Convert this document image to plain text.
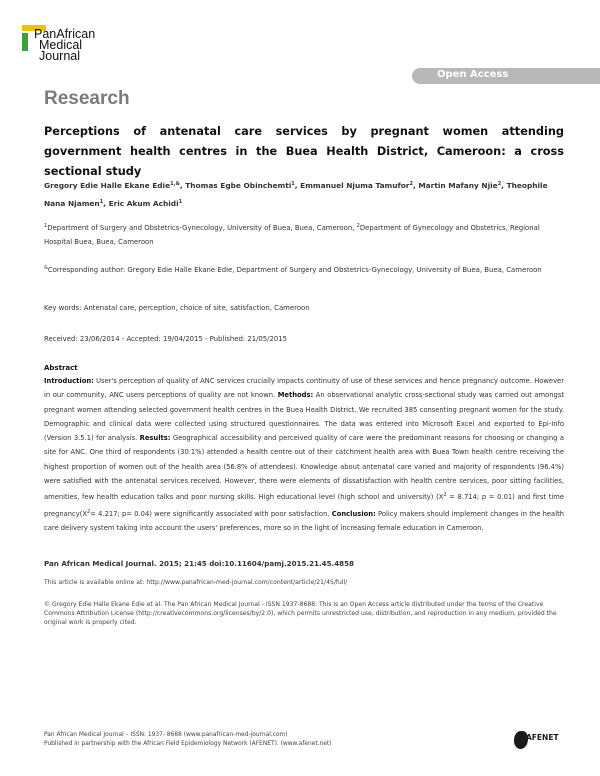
PanAfrican
Medical
Journal
Open Access
Research
Perceptions of antenatal care services by pregnant women attending government health centres in the Buea Health District, Cameroon: a cross sectional study
Gregory Edie Halle Ekane Edie$^{1,\&}$, Thomas Egbe Obinchemti$^1$, Emmanuel Njuma Tamufor$^2$, Martin Mafany Njie$^2$, Theophile Nana Njamen$^1$, Eric Akum Achidi$^1$
$^1$Department of Surgery and Obstetrics-Gynecology, University of Buea, Buea, Cameroon, $^2$Department of Gynecology and Obstetrics, Regional Hospital Buea, Buea, Cameroon
&Corresponding author: Gregory Edie Halle Ekane Edie, Department of Surgery and Obstetrics-Gynecology, University of Buea, Buea, Cameroon
Key words: Antenatal care, perception, choice of site, satisfaction, Cameroon
Received: 23/06/2014 - Accepted: 19/04/2015 - Published: 21/05/2015
Abstract
Introduction: User's perception of quality of ANC services crucially impacts continuity of use of these services and hence pregnancy outcome. However in our community, ANC users perceptions of quality are not known. Methods: An observational analytic cross-sectional study was carried out amongst pregnant women attending selected government health centres in the Buea Health District. We recruited 385 consenting pregnant women for the study. Demographic and clinical data were collected using structured questionnaires. The data was entered into Microsoft Excel and exported to Epi-Info (Version 3.5.1) for analysis. Results: Geographical accessibility and perceived quality of care were the predominant reasons for choosing or changing a site for ANC. One third of respondents (30.1%) attended a health centre out of their catchment health area with Buea Town health centre receiving the highest proportion of women out of the health area (56.8% of attendees). Knowledge about antenatal care varied and majority of respondents (96.4%) were satisfied with the antenatal services received. However, there were elements of dissatisfaction with health centre services, poor sitting facilities, amenities, few health education talks and poor nursing skills. High educational level (high school and university) ($X^2 = 8.714$; p = 0.01) and first time $pregnancy(X^2= 4.217$; p= 0.04) were significantly associated with poor satisfaction. Conclusion: Policy makers should implement changes in the health care delivery system taking into account the users' preferences, more so in the light of increasing female education in Cameroon.
Pan African Medical Journal. 2015; 21:45 doi:10.11604/pamj.2015.21.45.4858
This article is available online at: http://www.panafrican-med-journal.com/content/article/21/45/full/
© Gregory Edie Halle Ekane Edie et al. The Pan African Medical Journal - ISSN 1937-8688. This is an Open Access article distributed under the terms of the Creative Commons Attribution License (http://creativecommons.org/licenses/by/2.0), which permits unrestricted use, distribution, and reproduction in any medium, provided the original work is properly cited.
Pan African Medical Journal – ISSN: 1937- 8688 (www.panafrican-med-journal.com)
Published in partnership with the African Field Epidemiology Network (AFENET). (www.afenet.net)
AFENET
